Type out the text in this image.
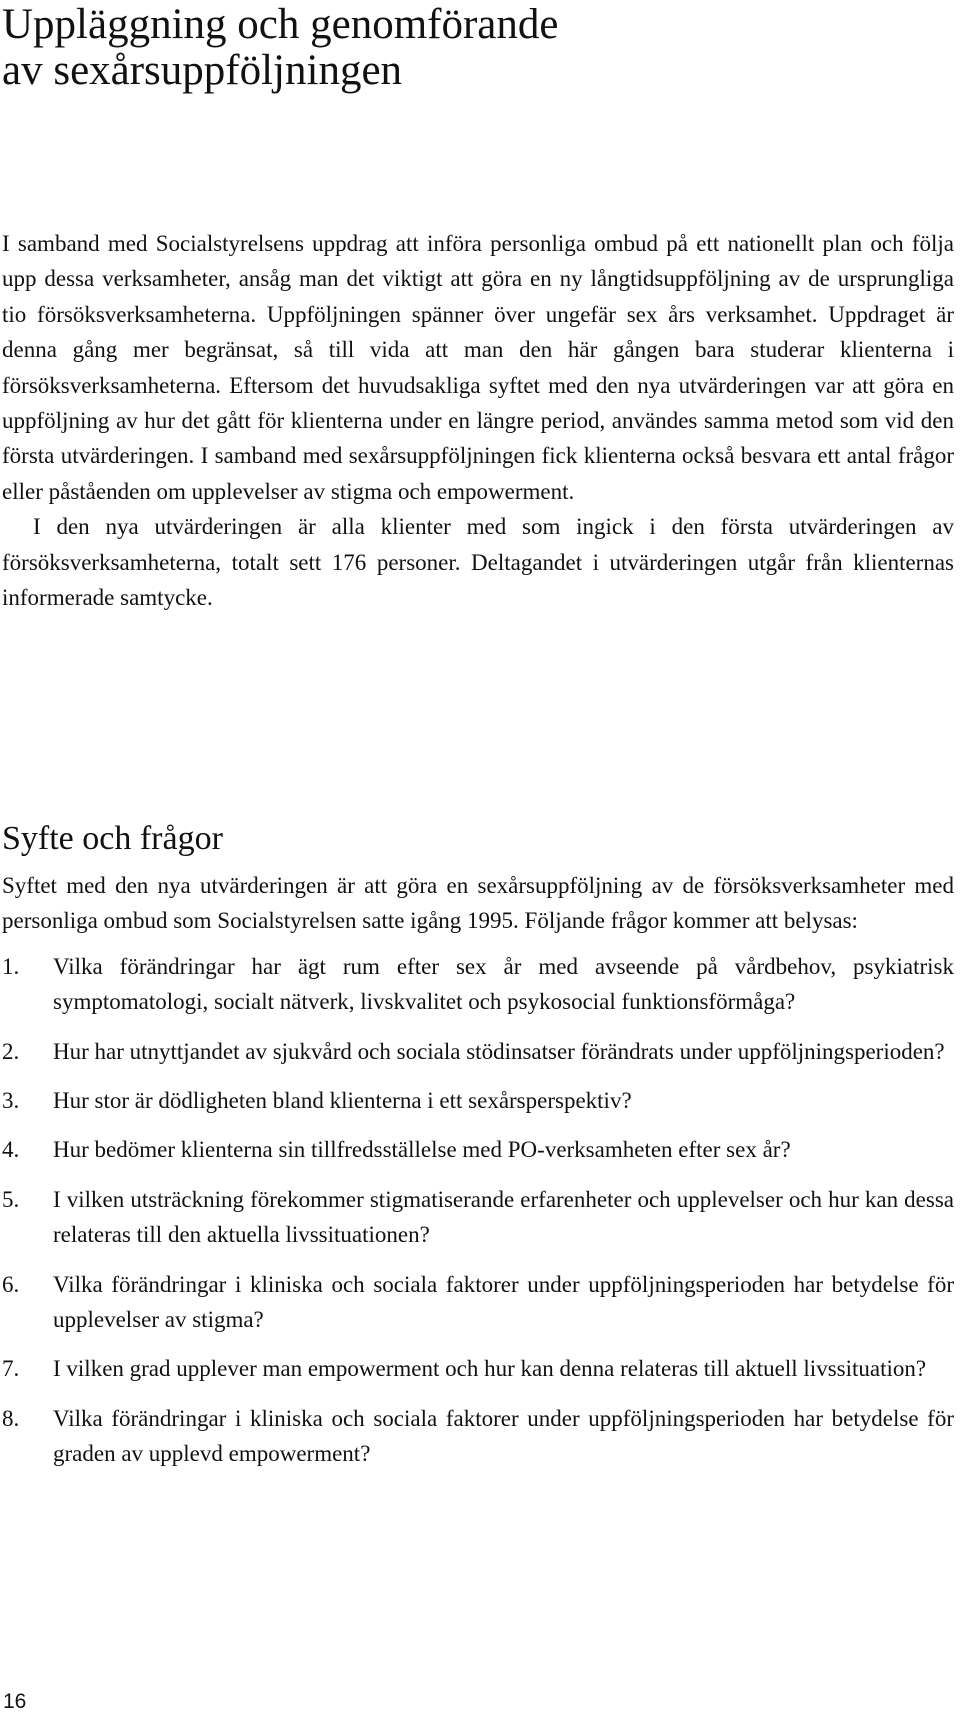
Uppläggning och genomförande
av sexårsuppföljningen

I samband med Socialstyrelsens uppdrag att införa personliga ombud på ett nationellt plan och följa upp dessa verksamheter, ansåg man det viktigt att göra en ny långtidsuppföljning av de ursprungliga tio försöksverksamheterna. Uppföljningen spänner över ungefär sex års verksamhet. Uppdraget är denna gång mer begränsat, så till vida att man den här gången bara studerar klienterna i försöksverksamheterna. Eftersom det huvudsakliga syftet med den nya utvärderingen var att göra en uppföljning av hur det gått för klienterna under en längre period, användes samma metod som vid den första utvärderingen. I samband med sexårsuppföljningen fick klienterna också besvara ett antal frågor eller påståenden om upplevelser av stigma och empowerment.

I den nya utvärderingen är alla klienter med som ingick i den första utvärderingen av försöksverksamheterna, totalt sett 176 personer. Deltagandet i utvärderingen utgår från klienternas informerade samtycke.

Syfte och frågor

Syftet med den nya utvärderingen är att göra en sexårsuppföljning av de försöksverksamheter med personliga ombud som Socialstyrelsen satte igång 1995. Följande frågor kommer att belysas:

1.	Vilka förändringar har ägt rum efter sex år med avseende på vårdbehov, psykiatrisk symptomatologi, socialt nätverk, livskvalitet och psykosocial funktionsförmåga?
2.	Hur har utnyttjandet av sjukvård och sociala stödinsatser förändrats under uppföljningsperioden?
3.	Hur stor är dödligheten bland klienterna i ett sexårsperspektiv?
4.	Hur bedömer klienterna sin tillfredsställelse med PO-verksamheten efter sex år?
5.	I vilken utsträckning förekommer stigmatiserande erfarenheter och upplevelser och hur kan dessa relateras till den aktuella livssituationen?
6.	Vilka förändringar i kliniska och sociala faktorer under uppföljningsperioden har betydelse för upplevelser av stigma?
7.	I vilken grad upplever man empowerment och hur kan denna relateras till aktuell livssituation?
8.	Vilka förändringar i kliniska och sociala faktorer under uppföljningsperioden har betydelse för graden av upplevd empowerment?
16
